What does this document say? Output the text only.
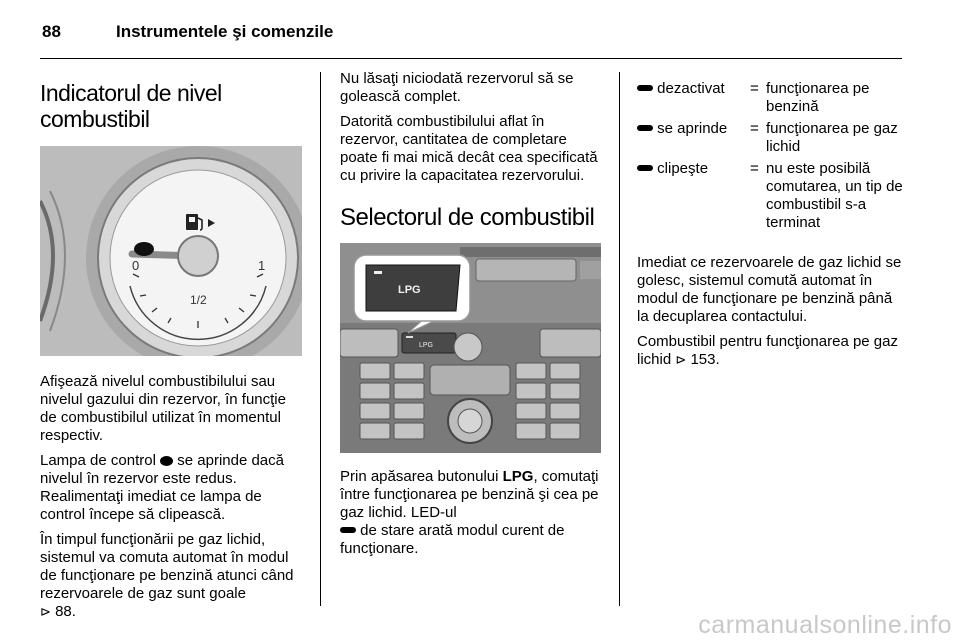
88	Instrumentele şi comenzile
Indicatorul de nivel combustibil
0	1
1/2

Afişează nivelul combustibilului sau nivelul gazului din rezervor, în funcţie de combustibilul utilizat în momentul respectiv.

Lampa de control se aprinde dacă nivelul în rezervor este redus. Realimentaţi imediat ce lampa de control începe să clipească.

În timpul funcţionării pe gaz lichid, sistemul va comuta automat în modul de funcţionare pe benzină atunci când rezervoarele de gaz sunt goale
⊳ 88.

Nu lăsaţi niciodată rezervorul să se golească complet.

Datorită combustibilului aflat în rezervor, cantitatea de completare poate fi mai mică decât cea specificată cu privire la capacitatea rezervorului.

Selectorul de combustibil
LPG
LPG

Prin apăsarea butonului LPG, comutaţi între funcţionarea pe benzină şi cea pe gaz lichid. LED-ul
de stare arată modul curent de funcţionare.

dezactivat	=	funcţionarea pe benzină
se aprinde	=	funcţionarea pe gaz lichid
clipeşte	=	nu este posibilă comutarea, un tip de combustibil s-a terminat

Imediat ce rezervoarele de gaz lichid se golesc, sistemul comută automat în modul de funcţionare pe benzină până la decuplarea contactului.

Combustibil pentru funcţionarea pe gaz lichid ⊳ 153.

carmanualsonline.info
